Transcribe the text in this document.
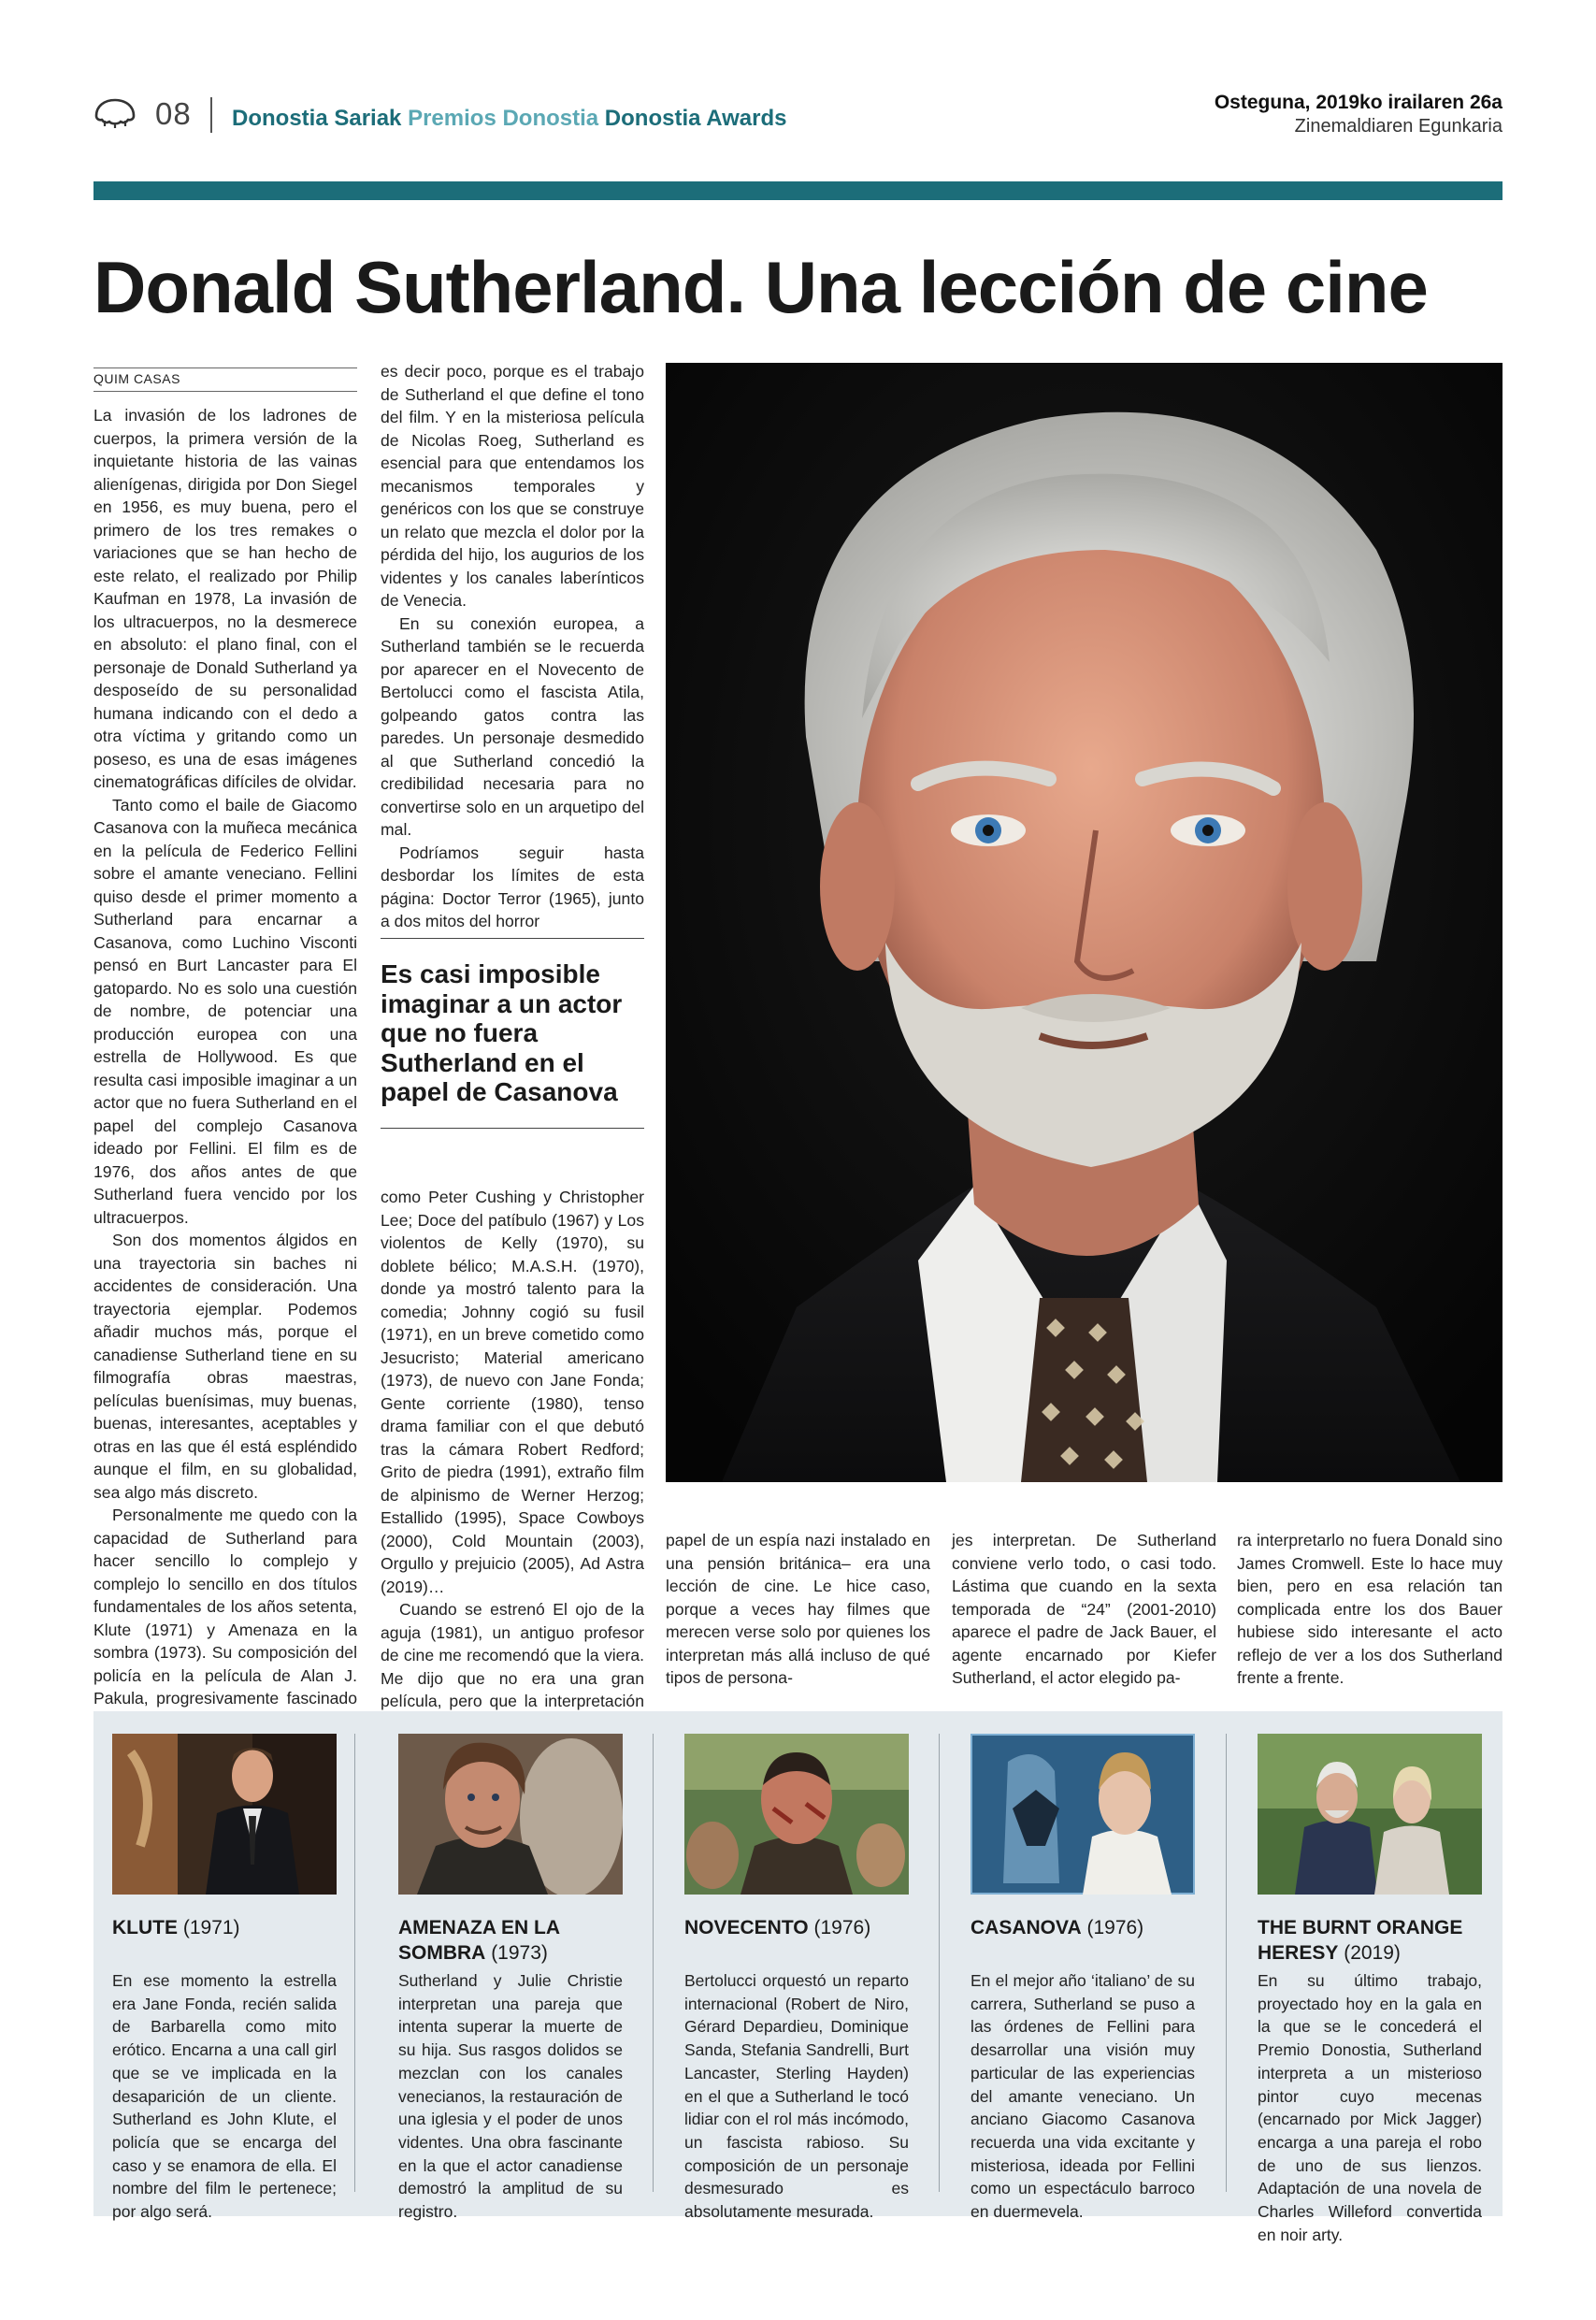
08 Donostia Sariak Premios Donostia Donostia Awards
Osteguna, 2019ko irailaren 26a
Zinemaldiaren Egunkaria
Donald Sutherland. Una lección de cine
QUIM CASAS

La invasión de los ladrones de cuerpos, la primera versión de la inquietante historia de las vainas alienígenas, dirigida por Don Siegel en 1956, es muy buena, pero el primero de los tres remakes o variaciones que se han hecho de este relato, el realizado por Philip Kaufman en 1978, La invasión de los ultracuerpos, no la desmerece en absoluto: el plano final, con el personaje de Donald Sutherland ya desposeído de su personalidad humana indicando con el dedo a otra víctima y gritando como un poseso, es una de esas imágenes cinematográficas difíciles de olvidar.

Tanto como el baile de Giacomo Casanova con la muñeca mecánica en la película de Federico Fellini sobre el amante veneciano. Fellini quiso desde el primer momento a Sutherland para encarnar a Casanova, como Luchino Visconti pensó en Burt Lancaster para El gatopardo. No es solo una cuestión de nombre, de potenciar una producción europea con una estrella de Hollywood. Es que resulta casi imposible imaginar a un actor que no fuera Sutherland en el papel del complejo Casanova ideado por Fellini. El film es de 1976, dos años antes de que Sutherland fuera vencido por los ultracuerpos.

Son dos momentos álgidos en una trayectoria sin baches ni accidentes de consideración. Una trayectoria ejemplar. Podemos añadir muchos más, porque el canadiense Sutherland tiene en su filmografía obras maestras, películas buenísimas, muy buenas, buenas, interesantes, aceptables y otras en las que él está espléndido aunque el film, en su globalidad, sea algo más discreto.

Personalmente me quedo con la capacidad de Sutherland para hacer sencillo lo complejo y complejo lo sencillo en dos títulos fundamentales de los años setenta, Klute (1971) y Amenaza en la sombra (1973). Su composición del policía en la película de Alan J. Pakula, progresivamente fascinado

es decir poco, porque es el trabajo de Sutherland el que define el tono del film. Y en la misteriosa película de Nicolas Roeg, Sutherland es esencial para que entendamos los mecanismos temporales y genéricos con los que se construye un relato que mezcla el dolor por la pérdida del hijo, los augurios de los videntes y los canales laberínticos de Venecia.

En su conexión europea, a Sutherland también se le recuerda por aparecer en el Novecento de Bertolucci como el fascista Atila, golpeando gatos contra las paredes. Un personaje desmedido al que Sutherland concedió la credibilidad necesaria para no convertirse solo en un arquetipo del mal.

Podríamos seguir hasta desbordar los límites de esta página: Doctor Terror (1965), junto a dos mitos del horror

Es casi imposible imaginar a un actor que no fuera Sutherland en el papel de Casanova

como Peter Cushing y Christopher Lee; Doce del patíbulo (1967) y Los violentos de Kelly (1970), su doblete bélico; M.A.S.H. (1970), donde ya mostró talento para la comedia; Johnny cogió su fusil (1971), en un breve cometido como Jesucristo; Material americano (1973), de nuevo con Jane Fonda; Gente corriente (1980), tenso drama familiar con el que debutó tras la cámara Robert Redford; Grito de piedra (1991), extraño film de alpinismo de Werner Herzog; Estallido (1995), Space Cowboys (2000), Cold Mountain (2003), Orgullo y prejuicio (2005), Ad Astra (2019)…

Cuando se estrenó El ojo de la aguja (1981), un antiguo profesor de cine me recomendó que la viera. Me dijo que no era una gran película, pero que la interpretación

papel de un espía nazi instalado en una pensión británica– era una lección de cine. Le hice caso, porque a veces hay filmes que merecen verse solo por quienes los interpretan más allá incluso de qué tipos de persona-

jes interpretan. De Sutherland conviene verlo todo, o casi todo. Lástima que cuando en la sexta temporada de “24” (2001-2010) aparece el padre de Jack Bauer, el agente encarnado por Kiefer Sutherland, el actor elegido pa-

ra interpretarlo no fuera Donald sino James Cromwell. Este lo hace muy bien, pero en esa relación tan complicada entre los dos Bauer hubiese sido interesante el acto reflejo de ver a los dos Sutherland frente a frente.

KLUTE (1971)
En ese momento la estrella era Jane Fonda, recién salida de Barbarella como mito erótico. Encarna a una call girl que se ve implicada en la desaparición de un cliente. Sutherland es John Klute, el policía que se encarga del caso y se enamora de ella. El nombre del film le pertenece; por algo será.
AMENAZA EN LA SOMBRA (1973)
Sutherland y Julie Christie interpretan una pareja que intenta superar la muerte de su hija. Sus rasgos dolidos se mezclan con los canales venecianos, la restauración de una iglesia y el poder de unos videntes. Una obra fascinante en la que el actor canadiense demostró la amplitud de su registro.
NOVECENTO (1976)
Bertolucci orquestó un reparto internacional (Robert de Niro, Gérard Depardieu, Dominique Sanda, Stefania Sandrelli, Burt Lancaster, Sterling Hayden) en el que a Sutherland le tocó lidiar con el rol más incómodo, un fascista rabioso. Su composición de un personaje desmesurado es absolutamente mesurada.
CASANOVA (1976)
En el mejor año ‘italiano’ de su carrera, Sutherland se puso a las órdenes de Fellini para desarrollar una visión muy particular de las experiencias del amante veneciano. Un anciano Giacomo Casanova recuerda una vida excitante y misteriosa, ideada por Fellini como un espectáculo barroco en duermevela.
THE BURNT ORANGE HERESY (2019)
En su último trabajo, proyectado hoy en la gala en la que se le concederá el Premio Donostia, Sutherland interpreta a un misterioso pintor cuyo mecenas (encarnado por Mick Jagger) encarga a una pareja el robo de uno de sus lienzos. Adaptación de una novela de Charles Willeford convertida en noir arty.
